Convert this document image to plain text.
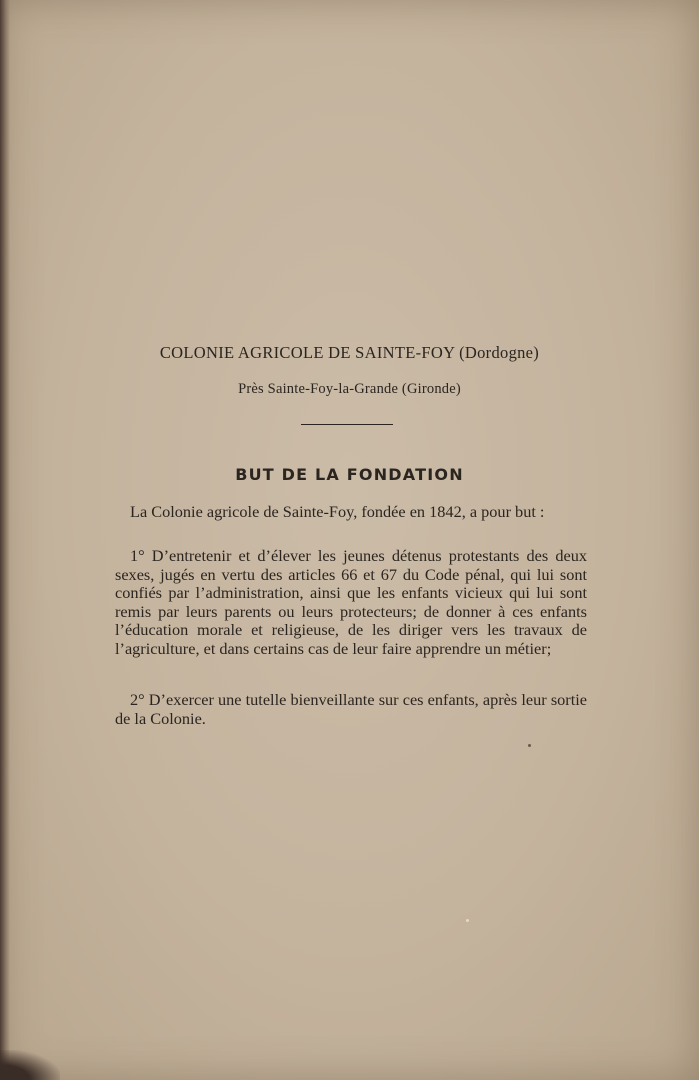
COLONIE AGRICOLE DE SAINTE-FOY (Dordogne)
Près Sainte-Foy-la-Grande (Gironde)
BUT DE LA FONDATION

La Colonie agricole de Sainte-Foy, fondée en 1842, a pour but :

1° D’entretenir et d’élever les jeunes détenus protestants des deux sexes, jugés en vertu des articles 66 et 67 du Code pénal, qui lui sont confiés par l’administration, ainsi que les enfants vicieux qui lui sont remis par leurs parents ou leurs protecteurs; de donner à ces enfants l’éducation morale et religieuse, de les diriger vers les travaux de l’agriculture, et dans certains cas de leur faire apprendre un métier;

2° D’exercer une tutelle bienveillante sur ces enfants, après leur sortie de la Colonie.
